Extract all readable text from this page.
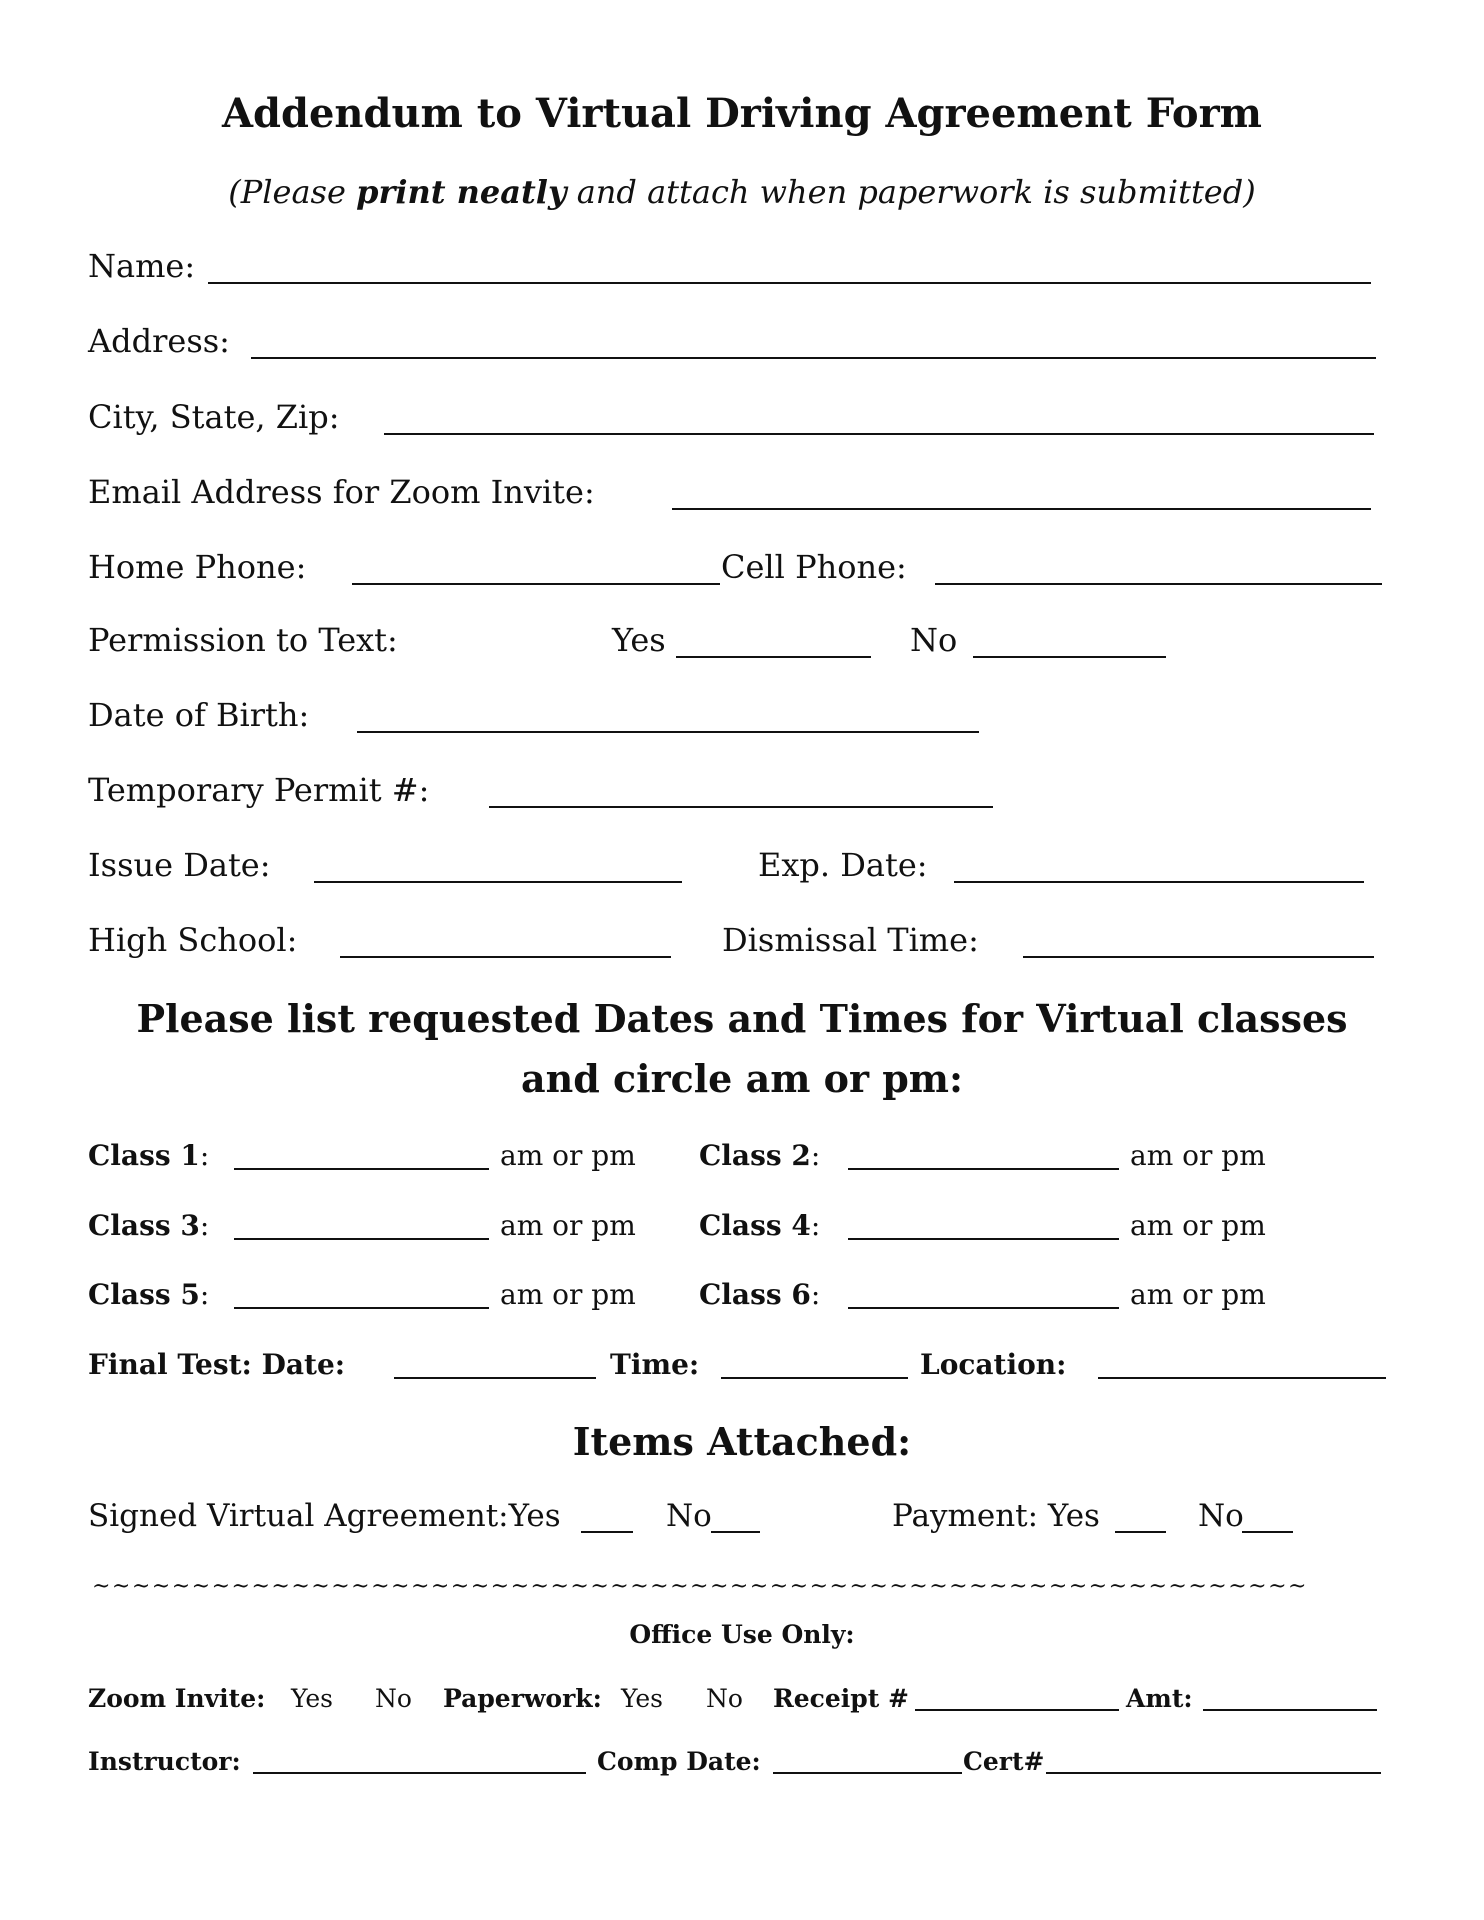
Addendum to Virtual Driving Agreement Form
(Please print neatly and attach when paperwork is submitted)
Name:
Address:
City, State, Zip:
Email Address for Zoom Invite:
Home Phone:	Cell Phone:
Permission to Text:	Yes	No
Date of Birth:
Temporary Permit #:
Issue Date:	Exp. Date:
High School:	Dismissal Time:
Please list requested Dates and Times for Virtual classes
and circle am or pm:
Class 1:	am or pm Class 2:	am or pm
Class 3:	am or pm Class 4:	am or pm
Class 5:	am or pm Class 6:	am or pm
Final Test: Date:	Time:	Location:
Items Attached:
Signed Virtual Agreement:Yes	No	Payment: Yes	No
~~~~~~~~~~~~~~~~~~~~~~~~~~~~~~~~~~~~~~~~~~~~~~~~~~~~~~~~~~~~~
Office Use Only:
Zoom Invite: Yes No Paperwork: Yes No Receipt #	Amt:
Instructor:	Comp Date:	Cert#
